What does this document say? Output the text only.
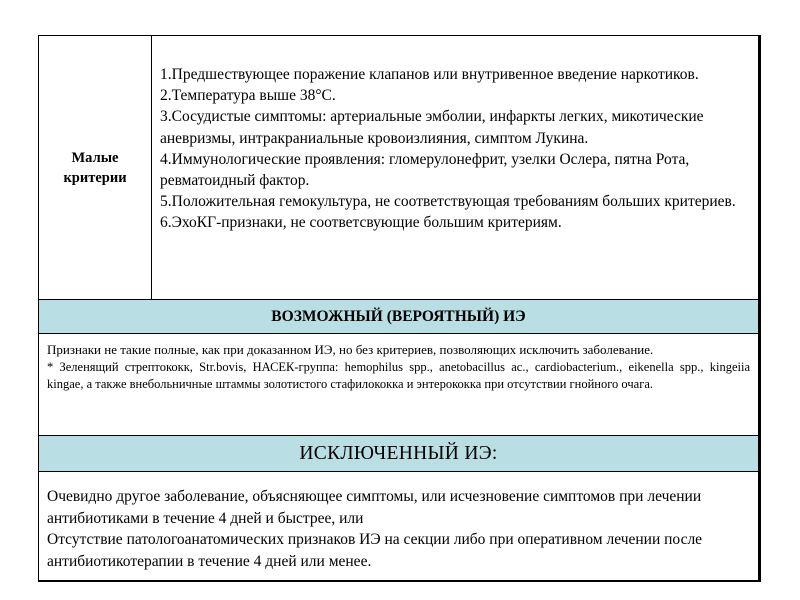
Малые
критерии
1.Предшествующее поражение клапанов или внутривенное введение наркотиков.
2.Температура выше 38°С.
3.Сосудистые симптомы: артериальные эмболии, инфаркты легких, микотические аневризмы, интракраниальные кровоизлияния, симптом Лукина.
4.Иммунологические проявления: гломерулонефрит, узелки Ослера, пятна Рота, ревматоидный фактор.
5.Положительная гемокультура, не соответствующая требованиям больших критериев.
6.ЭхоКГ-признаки, не соответсвующие большим критериям.
ВОЗМОЖНЫЙ (ВЕРОЯТНЫЙ) ИЭ
Признаки не такие полные, как при доказанном ИЭ, но без критериев, позволяющих исключить заболевание.
* Зеленящий стрептококк, Str.bovis, НАСЕК-группа: hemophilus spp., anetobacillus ac., cardiobacterium., eikenella spp., kingeiia kingae, а также внебольничные штаммы золотистого стафилококка и энтерококка при отсутствии гнойного очага.
ИСКЛЮЧЕННЫЙ ИЭ:
Очевидно другое заболевание, объясняющее симптомы, или исчезновение симптомов при лечении антибиотиками в течение 4 дней и быстрее, или
Отсутствие патологоанатомических признаков ИЭ на секции либо при оперативном лечении после антибиотикотерапии в течение 4 дней или менее.
